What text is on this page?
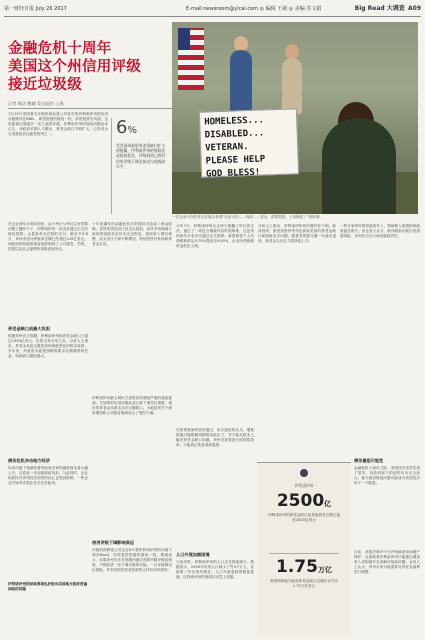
第一财经日报 July 26 2017	E-mail:newsroom@yicai.com ◎ 编辑 王祯 ◎ 美编 苏文娟	Big Read 大调查 A09
金融危机十周年
美国这个州信用评级
接近垃圾级
记者 顾洁 鲍婕 发自纽约 上海
HOMELESS...
DISABLED...
VETERAN.
PLEASE HELP
GOD BLESS!
一位无家可归的老兵在街头举着“无家可归……残疾……老兵，请帮帮我，上帝保佑！”的标牌。
6%
受美国州政府养老金缺口扩大的拖累，伊利诺伊州的财政状况持续恶化，评级机构已将其信用评级下调至接近垃圾级的水平。
7月19日美国著名评级机构标普公司宣布将伊利诺伊州的信用评级维持在BBB-，即投资级的最低一档，前景展望为负面。这是距离垃圾级仅一步之遥的评级。伊利诺伊州的财政问题由来已久，州政府长期入不敷出，养老金缺口不断扩大，已经成为全美财政状况最差的州之一。
在过去两年多的时间里，由于州长与州议会在预算问题上僵持不下，伊利诺伊州一直没有通过正式的财政预算，大量账单无法按时支付。截至今年6月，该州未偿付的账单总额已经超过145亿美元。州政府的财政困境直接影响到了公共服务，学校、医院以及社会福利机构都受到冲击。
养老金缺口成最大负担
根据该州官方数据，伊利诺伊州的养老金缺口已超过1300亿美元，位居全美各州之首。分析人士指出，养老金负担过重是该州财政恶化的根本原因。多年来，州政府未能按照精算要求足额缴纳养老金，导致缺口越滚越大。
债务危机冲击地方经济
信用评级下调意味着州政府未来的融资成本将大幅上升，这将进一步加重财政负担。与此同时，企业和居民对该州经济前景的信心也受到影响，一些企业开始考虑将业务迁往其他州。
伊利诺伊州的财政困境也折射出美国地方政府普遍面临的问题
十年前爆发的金融危机对美国经济造成了深远影响。虽然美国经济已经走出衰退，但许多州和地方政府的财政状况仍未完全恢复。税收收入增长缓慢，而支出压力却不断增加，特别是医疗补助和养老金支出。
伊利诺伊州最大城市芝加哥同样面临严峻的财政挑战。芝加哥的信用评级此前已被下调至垃圾级，城市的养老金体系也存在巨额缺口。当地居民对于税收增加和公共服务削减表达了强烈不满。
信用评级下调影响深远
评级机构穆迪公司也在6月将伊利诺伊州的评级下调至Baa3，同样是投资级的最低一档。穆迪表示，如果该州无法在短期内通过预算并解决财政困境，不排除进一步下调评级的可能。一旦评级降至垃圾级，许多机构投资者将被禁止持有该州债券。
今年7月，伊利诺伊州议会终于推翻了州长的否决，通过了一项包含增税内容的预算案，这是该州两年多来首次通过正式预算。新预算将个人所得税税率从3.75%提高至4.95%，企业所得税税率也相应上调。
尽管预算最终获得通过，但评级机构认为，增税措施只能缓解短期的财政压力，并不能从根本上解决养老金缺口问题。该州仍需要进行结构性改革，才能真正恢复财政健康。
人口外流加剧困境
与此同时，伊利诺伊州的人口正在持续减少。数据显示，2016年该州人口减少了约3.7万人，连续第三年出现负增长。人口外流意味着税基萎缩，这将使该州的财政状况雪上加霜。
分析人士指出，伊利诺伊州的问题并非个例。新泽西州、康涅狄格州等州也面临类似的养老金缺口和财政赤字问题。随着美国婴儿潮一代逐步退休，养老金支付压力将持续上升。
一些专家呼吁联邦政府介入，帮助陷入困境的州政府渡过难关。但也有人认为，联邦救助可能引发道德风险，各州应当自行承担财政责任。
债务重组可能性
金融危机十周年之际，美国经济虽然实现了复苏，但危机留下的创伤仍未完全愈合。地方政府财政问题可能成为美国经济的下一个隐患。
目前，美国法律并不允许州政府申请破产保护，这意味着伊利诺伊州只能通过增加收入或削减开支来解决财政问题。业内人士认为，该州未来可能需要对养老金福利进行调整。
伊利诺伊州
2500亿
伊利诺伊州的养老金缺口及其他债务总额已接近2500亿美元
1.75万亿
美国州和地方政府养老金缺口总额估计约为1.75万亿美元
